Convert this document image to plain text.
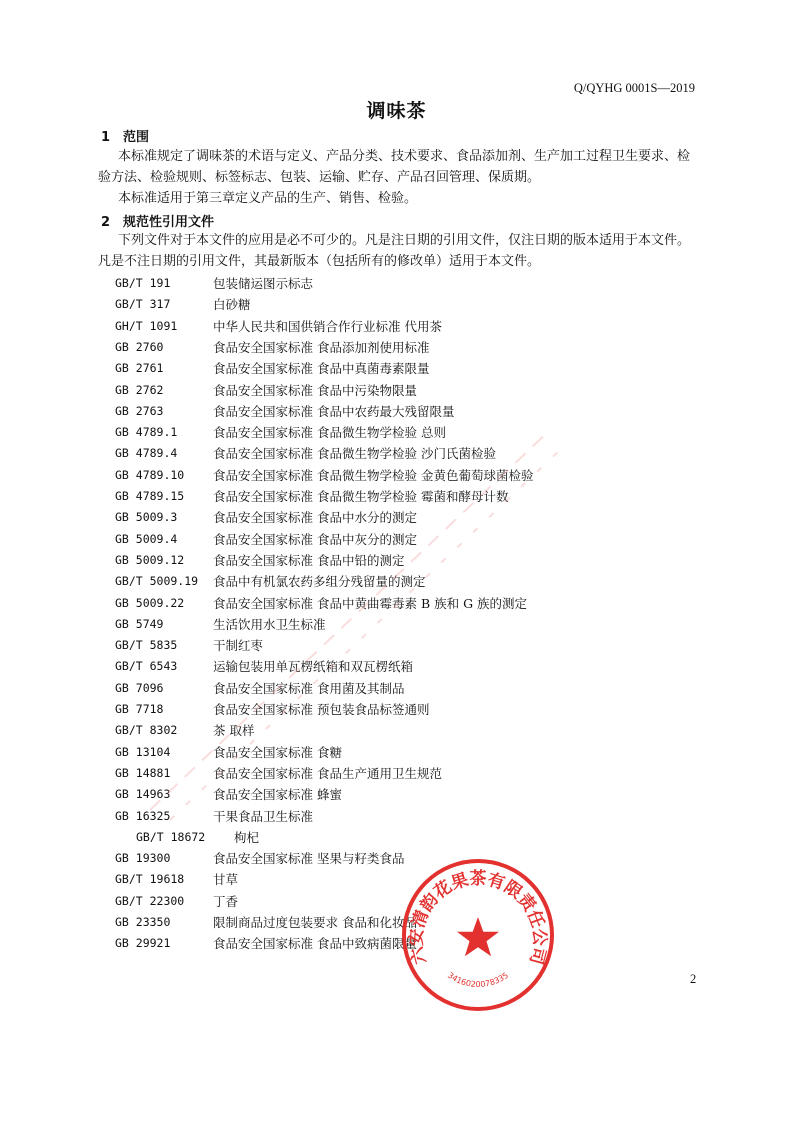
Q/QYHG 0001S—2019
调味茶
1 范围
本标准规定了调味茶的术语与定义、产品分类、技术要求、食品添加剂、生产加工过程卫生要求、检验方法、检验规则、标签标志、包装、运输、贮存、产品召回管理、保质期。
本标准适用于第三章定义产品的生产、销售、检验。
2 规范性引用文件
下列文件对于本文件的应用是必不可少的。凡是注日期的引用文件，仅注日期的版本适用于本文件。凡是不注日期的引用文件，其最新版本（包括所有的修改单）适用于本文件。
GB/T 191	包装储运图示标志
GB/T 317	白砂糖
GH/T 1091	中华人民共和国供销合作行业标准 代用茶
GB 2760	食品安全国家标准 食品添加剂使用标准
GB 2761	食品安全国家标准 食品中真菌毒素限量
GB 2762	食品安全国家标准 食品中污染物限量
GB 2763	食品安全国家标准 食品中农药最大残留限量
GB 4789.1	食品安全国家标准 食品微生物学检验 总则
GB 4789.4	食品安全国家标准 食品微生物学检验 沙门氏菌检验
GB 4789.10 食品安全国家标准 食品微生物学检验 金黄色葡萄球菌检验
GB 4789.15 食品安全国家标准 食品微生物学检验 霉菌和酵母计数
GB 5009.3	食品安全国家标准 食品中水分的测定
GB 5009.4	食品安全国家标准 食品中灰分的测定
GB 5009.12 食品安全国家标准 食品中铅的测定
GB/T 5009.19 食品中有机氯农药多组分残留量的测定
GB 5009.22 食品安全国家标准 食品中黄曲霉毒素 B 族和 G 族的测定
GB 5749	生活饮用水卫生标准
GB/T 5835	干制红枣
GB/T 6543	运输包装用单瓦楞纸箱和双瓦楞纸箱
GB 7096	食品安全国家标准 食用菌及其制品
GB 7718	食品安全国家标准 预包装食品标签通则
GB/T 8302	茶 取样
GB 13104	食品安全国家标准 食糖
GB 14881	食品安全国家标准 食品生产通用卫生规范
GB 14963	食品安全国家标准 蜂蜜
GB 16325	干果食品卫生标准
GB/T 18672 枸杞
GB 19300	食品安全国家标准 坚果与籽类食品
GB/T 19618 甘草
GB/T 22300 丁香
GB 23350	限制商品过度包装要求 食品和化妆品
GB 29921	食品安全国家标准 食品中致病菌限量
六安清韵花果茶有限责任公司
3416020078335	2
